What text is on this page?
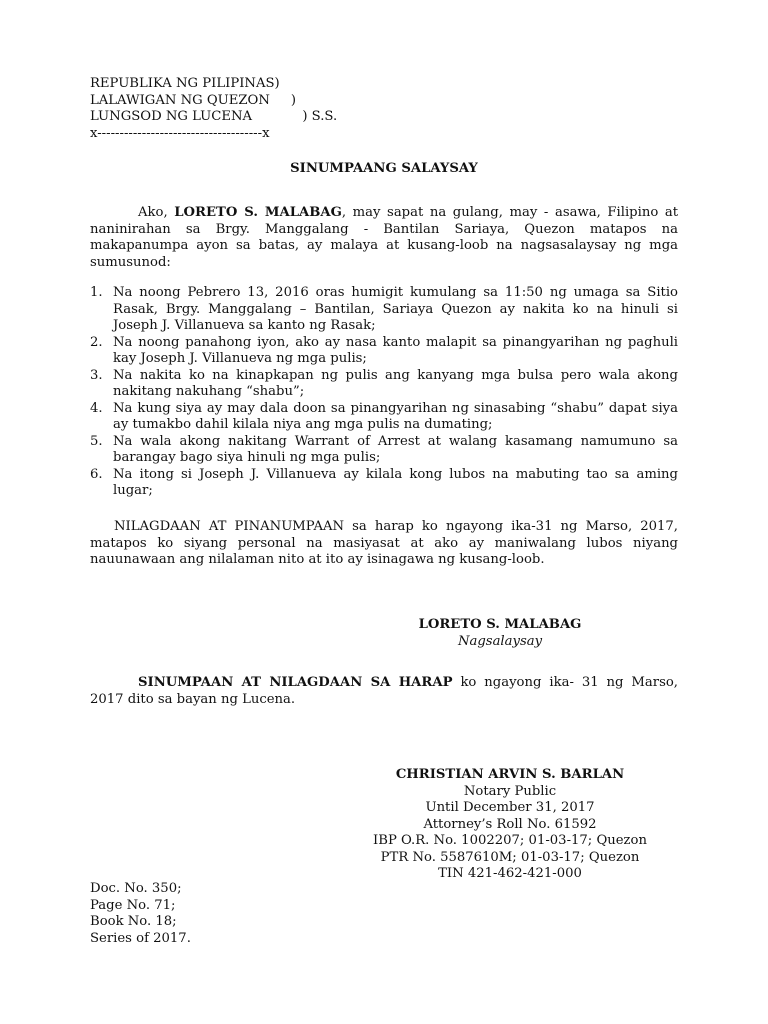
REPUBLIKA NG PILIPINAS)
LALAWIGAN NG QUEZON     )
LUNGSOD NG LUCENA            ) S.S.
x-------------------------------------x
SINUMPAANG SALAYSAY
Ako, LORETO S. MALABAG, may sapat na gulang, may - asawa, Filipino at naninirahan sa Brgy. Manggalang - Bantilan Sariaya, Quezon matapos na makapanumpa ayon sa batas, ay malaya at kusang-loob na nagsasalaysay ng mga sumusunod:
1. Na noong Pebrero 13, 2016 oras humigit kumulang sa 11:50 ng umaga sa Sitio Rasak, Brgy. Manggalang – Bantilan, Sariaya Quezon ay nakita ko na hinuli si Joseph J. Villanueva sa kanto ng Rasak;
2. Na noong panahong iyon, ako ay nasa kanto malapit sa pinangyarihan ng paghuli kay Joseph J. Villanueva ng mga pulis;
3. Na nakita ko na kinapkapan ng pulis ang kanyang mga bulsa pero wala akong nakitang nakuhang “shabu”;
4. Na kung siya ay may dala doon sa pinangyarihan ng sinasabing “shabu” dapat siya ay tumakbo dahil kilala niya ang mga pulis na dumating;
5. Na wala akong nakitang Warrant of Arrest at walang kasamang namumuno sa barangay bago siya hinuli ng mga pulis;
6. Na itong si Joseph J. Villanueva ay kilala kong lubos na mabuting tao sa aming lugar;
NILAGDAAN AT PINANUMPAAN sa harap ko ngayong ika-31 ng Marso, 2017, matapos ko siyang personal na masiyasat at ako ay maniwalang lubos niyang nauunawaan ang nilalaman nito at ito ay isinagawa ng kusang-loob.
LORETO S. MALABAG
Nagsalaysay
SINUMPAAN AT NILAGDAAN SA HARAP ko ngayong ika- 31 ng Marso, 2017 dito sa bayan ng Lucena.
CHRISTIAN ARVIN S. BARLAN
Notary Public
Until December 31, 2017
Attorney’s Roll No. 61592
IBP O.R. No. 1002207; 01-03-17; Quezon
PTR No. 5587610M; 01-03-17; Quezon
TIN 421-462-421-000
Doc. No. 350;
Page No. 71;
Book No. 18;
Series of 2017.
